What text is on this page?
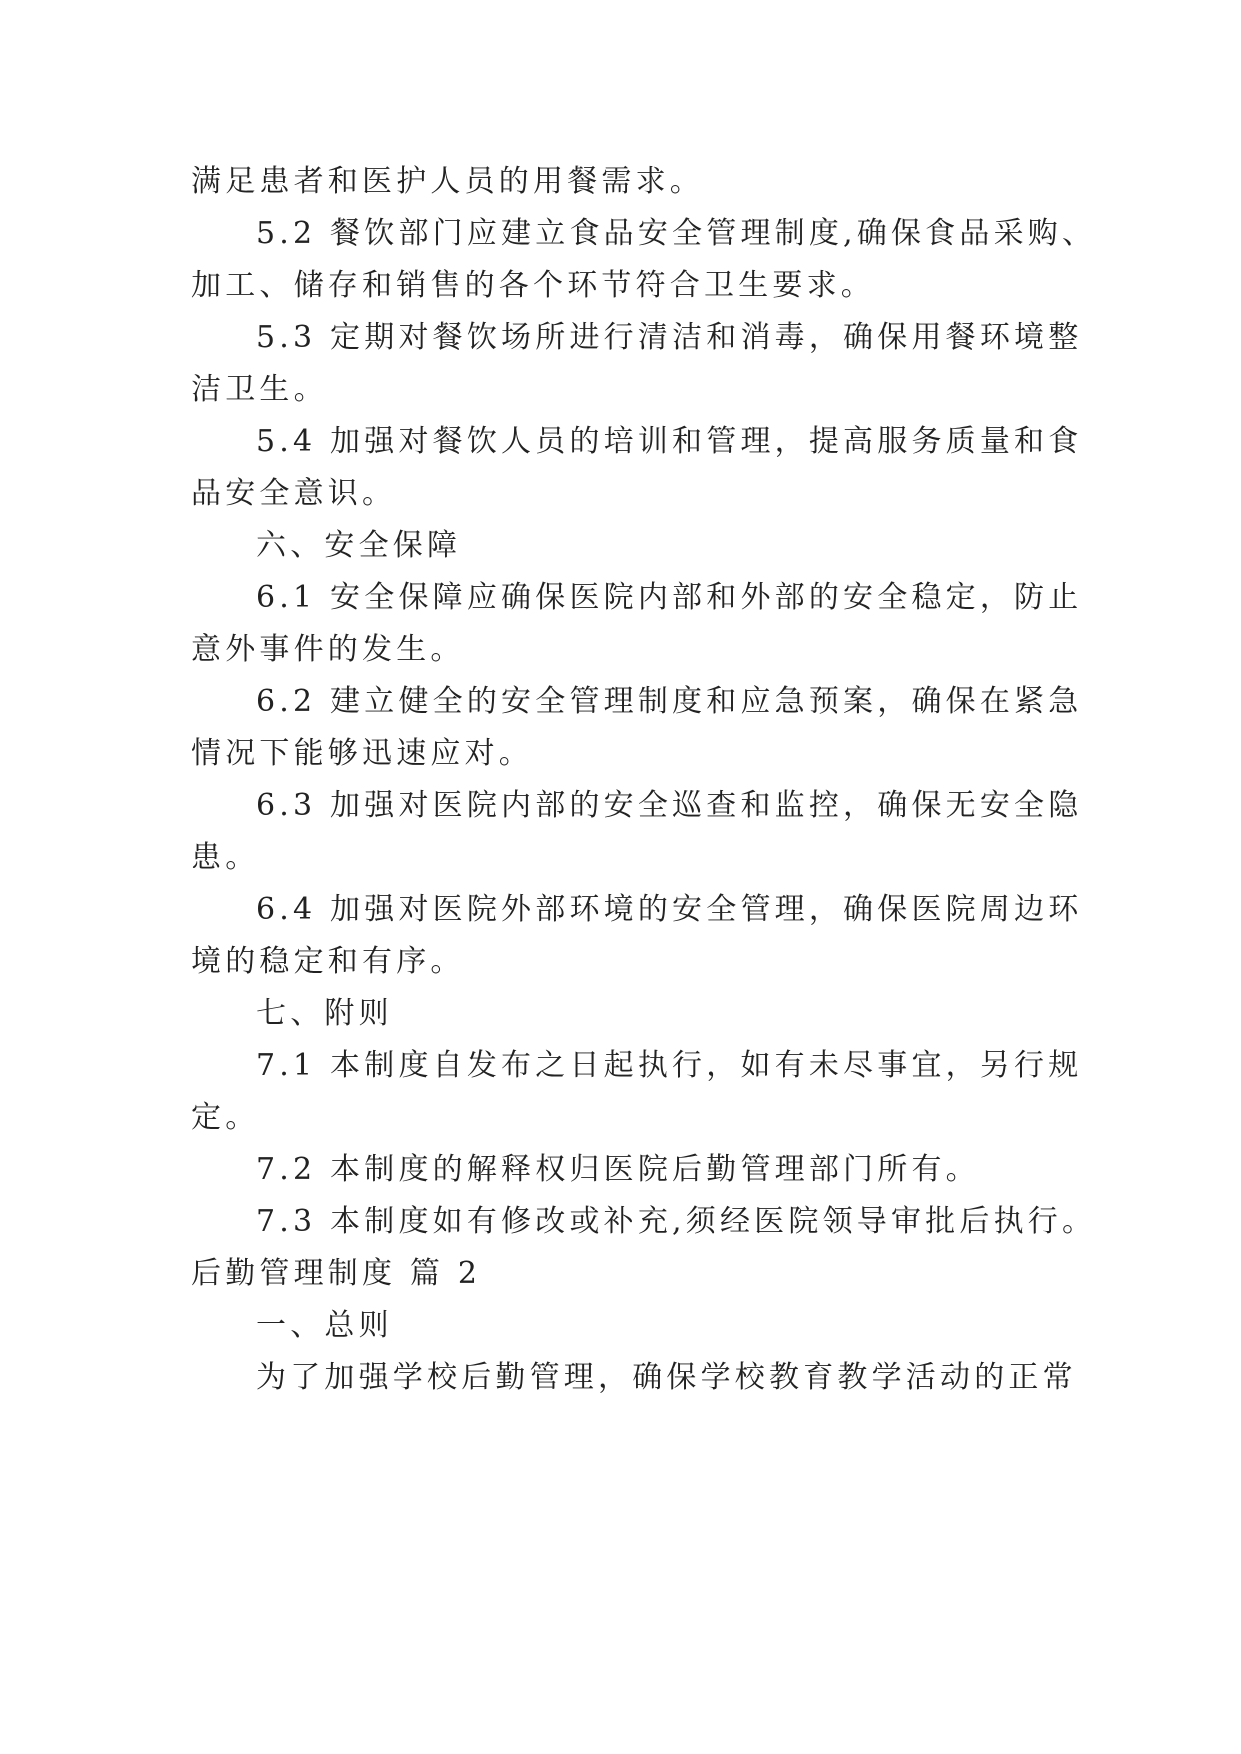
满足患者和医护人员的用餐需求。
5.2 餐饮部门应建立食品安全管理制度,确保食品采购、
加工、储存和销售的各个环节符合卫生要求。
5.3 定期对餐饮场所进行清洁和消毒，确保用餐环境整
洁卫生。
5.4 加强对餐饮人员的培训和管理，提高服务质量和食
品安全意识。
六、安全保障
6.1 安全保障应确保医院内部和外部的安全稳定，防止
意外事件的发生。
6.2 建立健全的安全管理制度和应急预案，确保在紧急
情况下能够迅速应对。
6.3 加强对医院内部的安全巡查和监控，确保无安全隐
患。
6.4 加强对医院外部环境的安全管理，确保医院周边环
境的稳定和有序。
七、附则
7.1 本制度自发布之日起执行，如有未尽事宜，另行规
定。
7.2 本制度的解释权归医院后勤管理部门所有。
7.3 本制度如有修改或补充,须经医院领导审批后执行。
后勤管理制度 篇 2
一、总则
为了加强学校后勤管理，确保学校教育教学活动的正常
